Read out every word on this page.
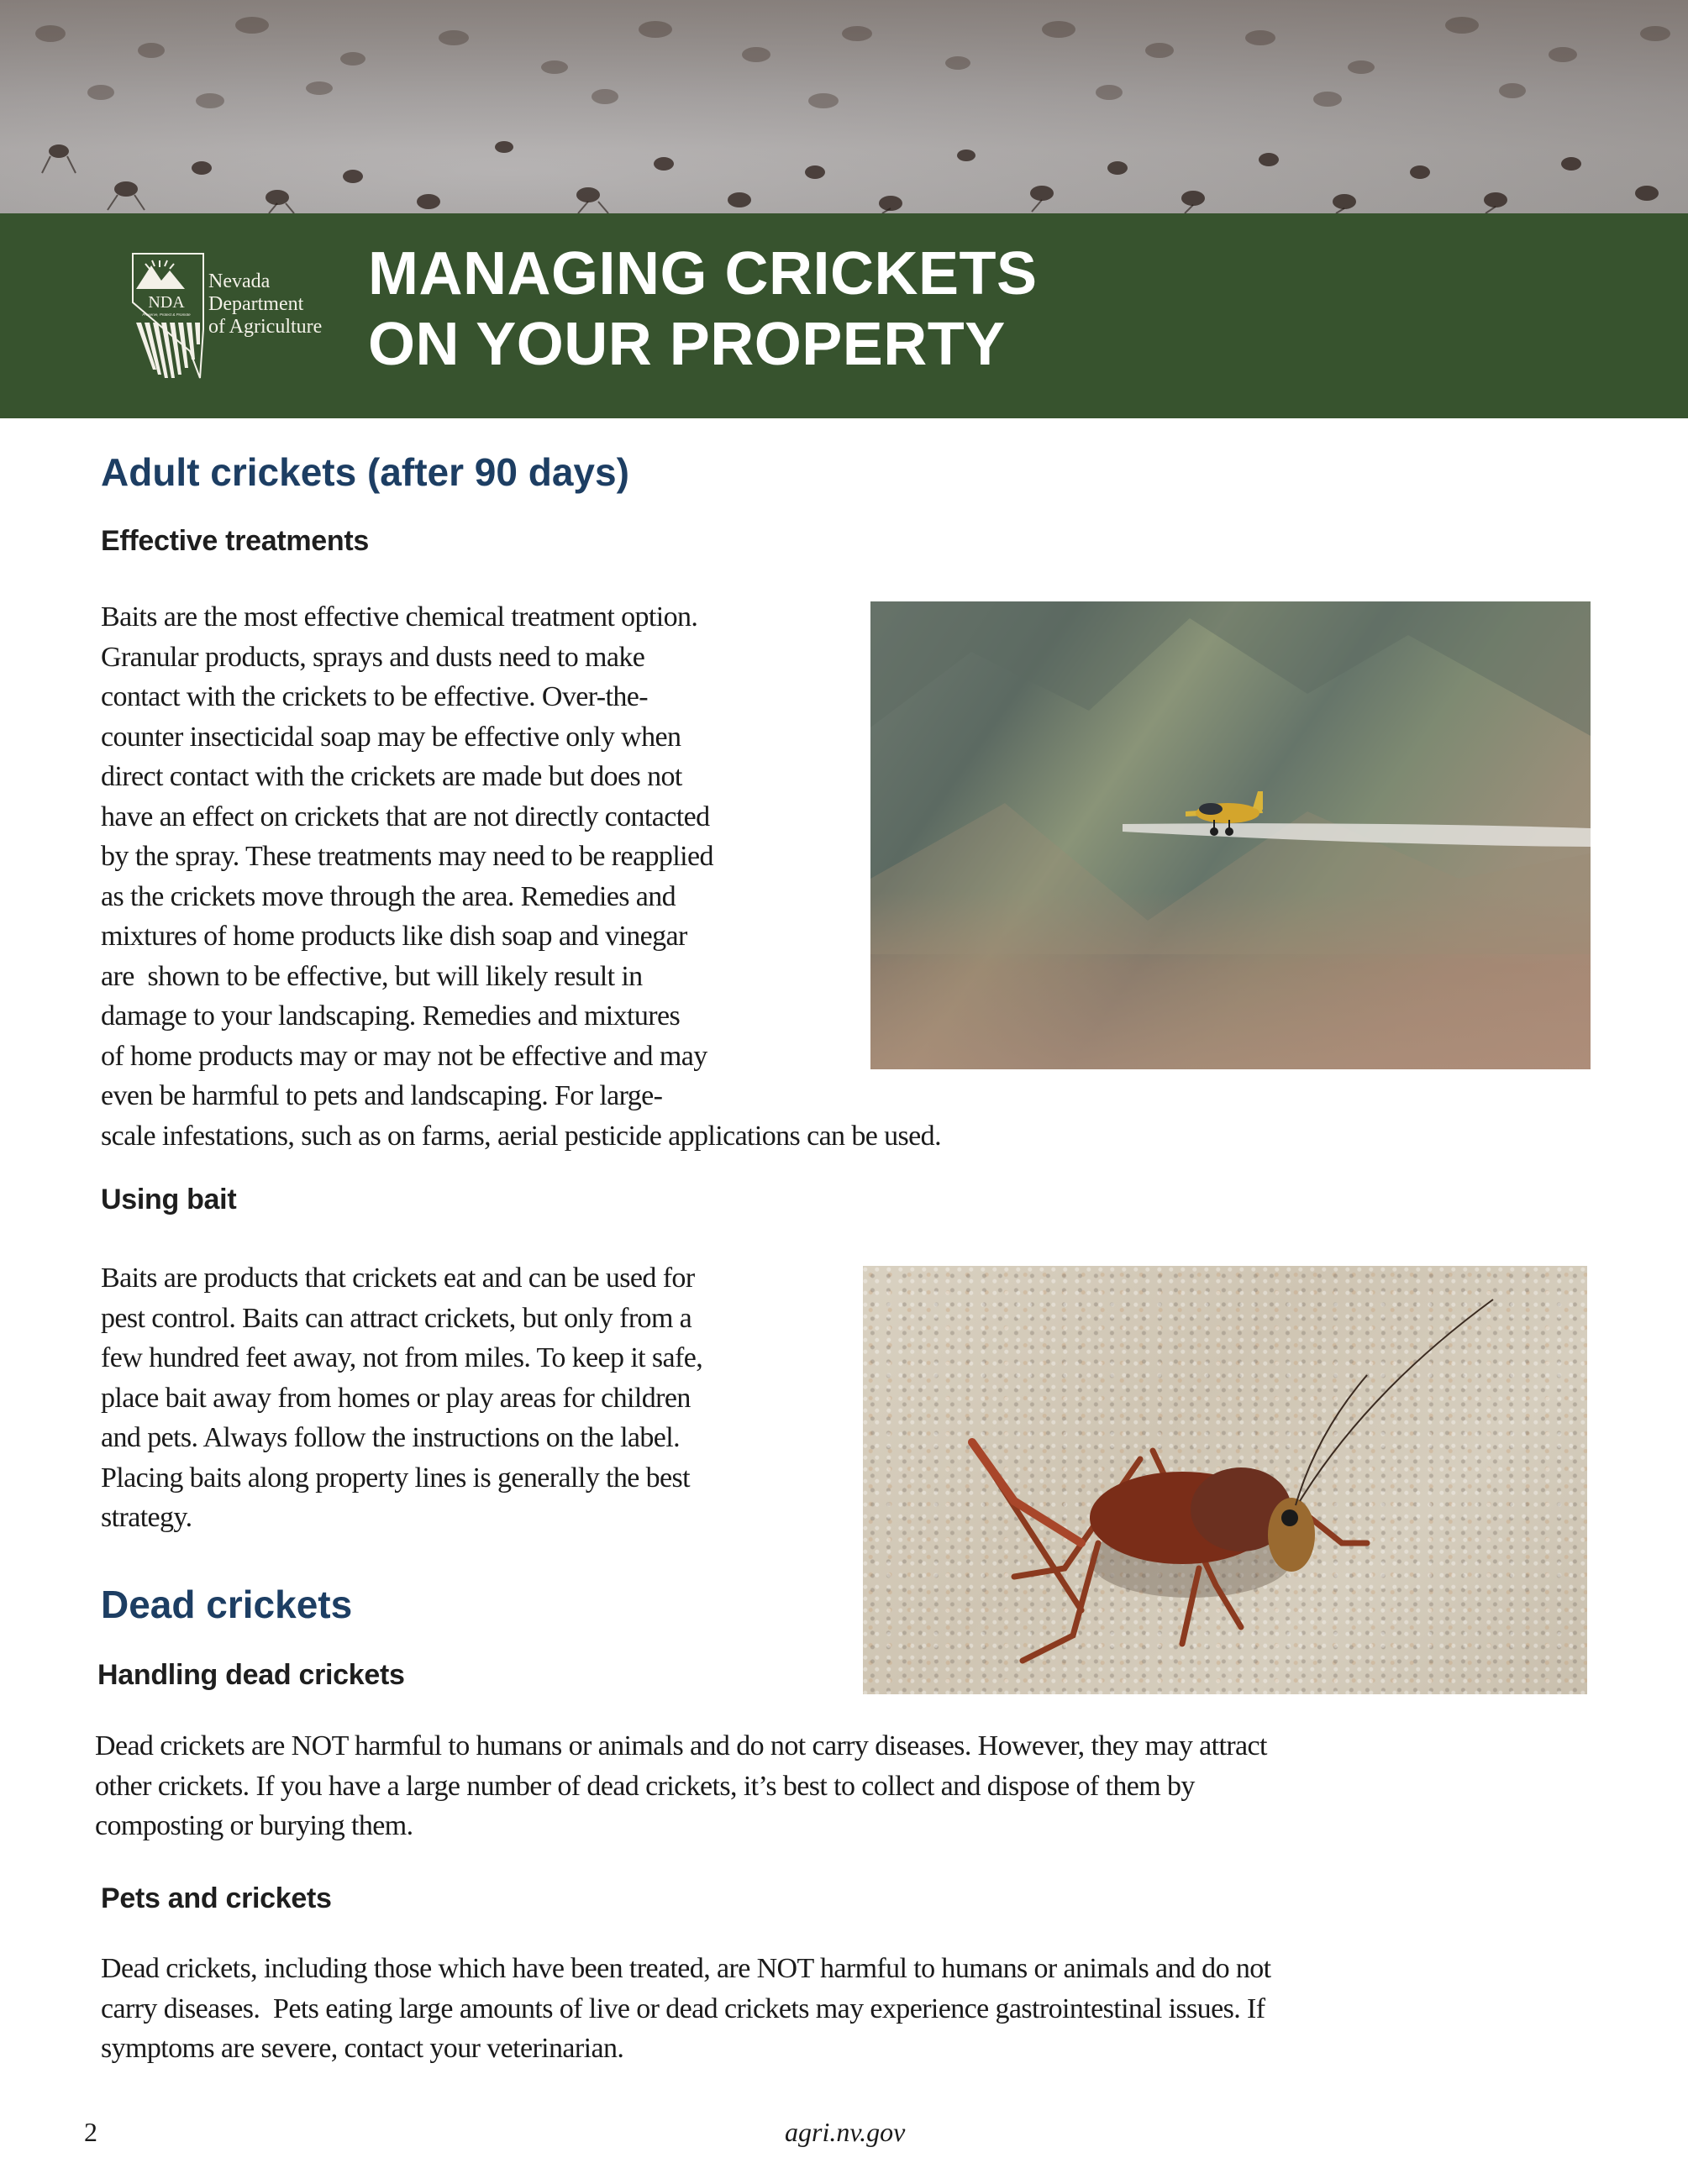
NDA
Preserve, Protect & Promote
Nevada
Department
of Agriculture
MANAGING CRICKETS
ON YOUR PROPERTY
Adult crickets (after 90 days)
Effective treatments
Baits are the most effective chemical treatment option.
Granular products, sprays and dusts need to make
contact with the crickets to be effective. Over-the-
counter insecticidal soap may be effective only when
direct contact with the crickets are made but does not
have an effect on crickets that are not directly contacted
by the spray. These treatments may need to be reapplied
as the crickets move through the area. Remedies and
mixtures of home products like dish soap and vinegar
are  shown to be effective, but will likely result in
damage to your landscaping. Remedies and mixtures
of home products may or may not be effective and may
even be harmful to pets and landscaping. For large-
scale infestations, such as on farms, aerial pesticide applications can be used.
Using bait
Baits are products that crickets eat and can be used for
pest control. Baits can attract crickets, but only from a
few hundred feet away, not from miles. To keep it safe,
place bait away from homes or play areas for children
and pets. Always follow the instructions on the label.
Placing baits along property lines is generally the best
strategy.
Dead crickets
Handling dead crickets
Dead crickets are NOT harmful to humans or animals and do not carry diseases. However, they may attract
other crickets. If you have a large number of dead crickets, it’s best to collect and dispose of them by
composting or burying them.
Pets and crickets
Dead crickets, including those which have been treated, are NOT harmful to humans or animals and do not
carry diseases.  Pets eating large amounts of live or dead crickets may experience gastrointestinal issues. If
symptoms are severe, contact your veterinarian.
2	agri.nv.gov
